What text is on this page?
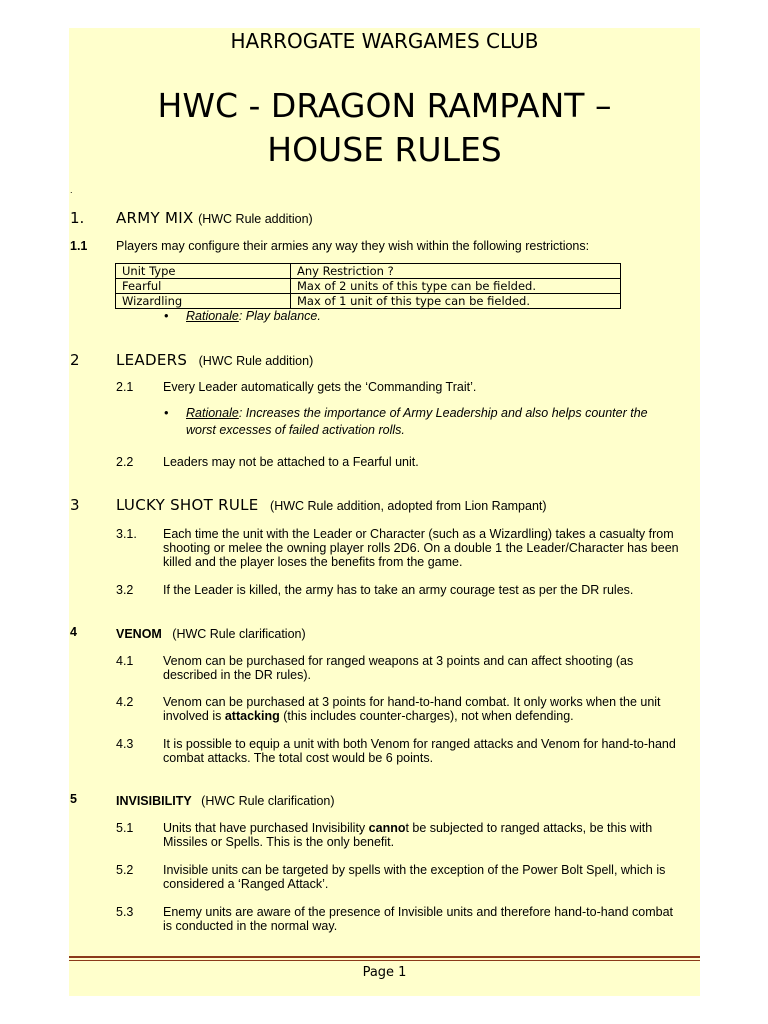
HARROGATE WARGAMES CLUB
HWC - DRAGON RAMPANT –
HOUSE RULES
.
1. ARMY MIX (HWC Rule addition)
1.1 Players may configure their armies any way they wish within the following restrictions:
Unit Type	Any Restriction ?
Fearful	Max of 2 units of this type can be fielded.
Wizardling	Max of 1 unit of this type can be fielded.
• Rationale: Play balance.
2 LEADERS (HWC Rule addition)
2.1 Every Leader automatically gets the ‘Commanding Trait’.
• Rationale: Increases the importance of Army Leadership and also helps counter the
worst excesses of failed activation rolls.
2.2 Leaders may not be attached to a Fearful unit.
3 LUCKY SHOT RULE (HWC Rule addition, adopted from Lion Rampant)
3.1. Each time the unit with the Leader or Character (such as a Wizardling) takes a casualty from
shooting or melee the owning player rolls 2D6. On a double 1 the Leader/Character has been
killed and the player loses the benefits from the game.
3.2 If the Leader is killed, the army has to take an army courage test as per the DR rules.
4	VENOM (HWC Rule clarification)
4.1 Venom can be purchased for ranged weapons at 3 points and can affect shooting (as
described in the DR rules).
4.2 Venom can be purchased at 3 points for hand-to-hand combat. It only works when the unit
involved is attacking (this includes counter-charges), not when defending.
4.3 It is possible to equip a unit with both Venom for ranged attacks and Venom for hand-to-hand
combat attacks. The total cost would be 6 points.
5	INVISIBILITY (HWC Rule clarification)
5.1 Units that have purchased Invisibility cannot be subjected to ranged attacks, be this with
Missiles or Spells. This is the only benefit.
5.2 Invisible units can be targeted by spells with the exception of the Power Bolt Spell, which is
considered a ‘Ranged Attack’.
5.3 Enemy units are aware of the presence of Invisible units and therefore hand-to-hand combat
is conducted in the normal way.
Page 1
